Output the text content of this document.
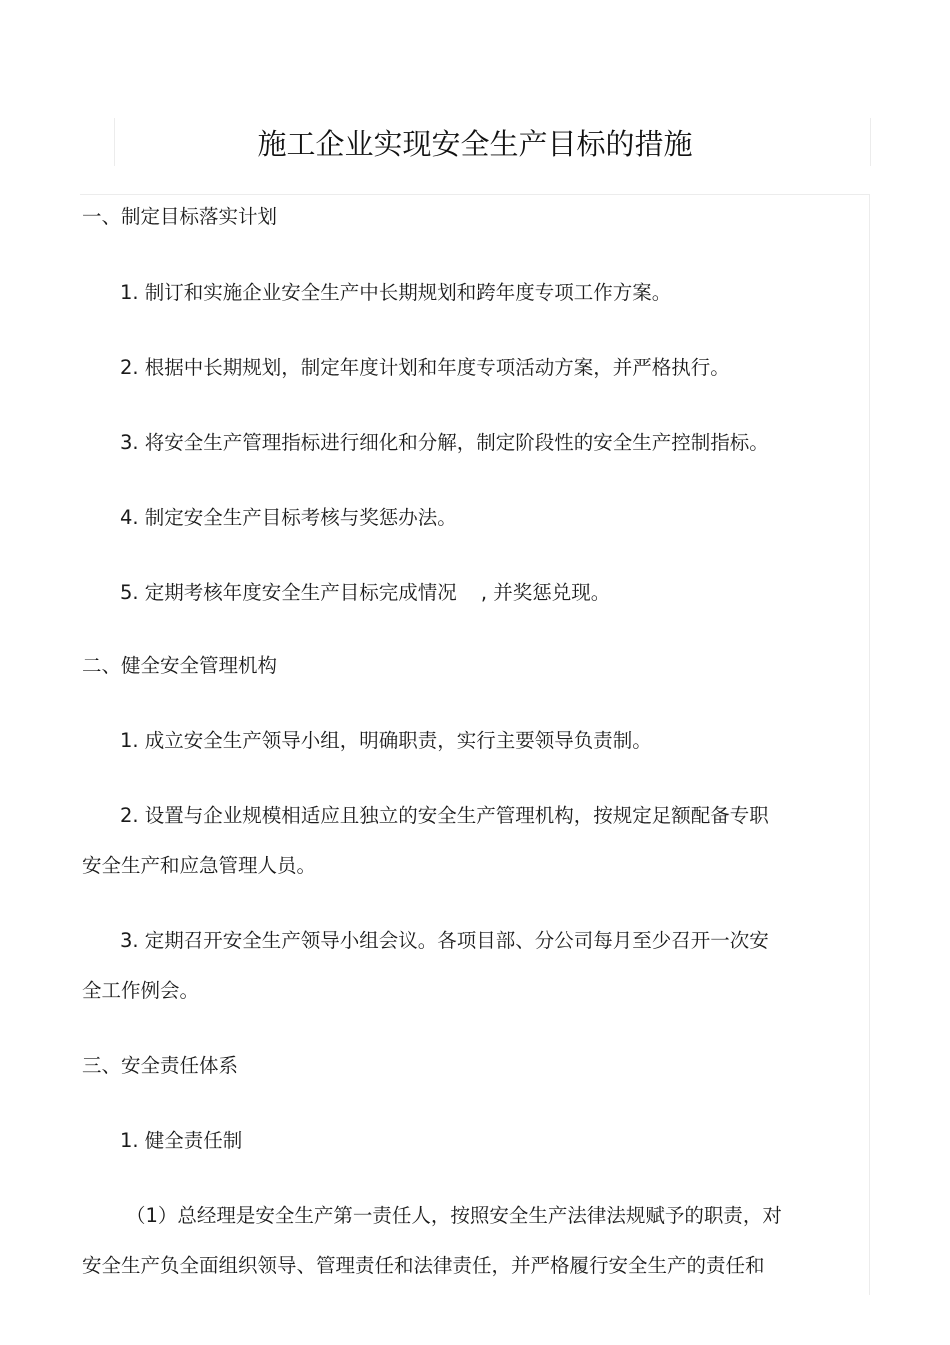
施工企业实现安全生产目标的措施
一、制定目标落实计划
1. 制订和实施企业安全生产中长期规划和跨年度专项工作方案。
2. 根据中长期规划，制定年度计划和年度专项活动方案，并严格执行。
3. 将安全生产管理指标进行细化和分解，制定阶段性的安全生产控制指标。
4. 制定安全生产目标考核与奖惩办法。
5. 定期考核年度安全生产目标完成情况 , 并奖惩兑现。
二、健全安全管理机构
1. 成立安全生产领导小组，明确职责，实行主要领导负责制。
2. 设置与企业规模相适应且独立的安全生产管理机构，按规定足额配备专职
安全生产和应急管理人员。
3. 定期召开安全生产领导小组会议。各项目部、分公司每月至少召开一次安
全工作例会。
三、安全责任体系
1. 健全责任制
（1）总经理是安全生产第一责任人，按照安全生产法律法规赋予的职责，对
安全生产负全面组织领导、管理责任和法律责任，并严格履行安全生产的责任和
